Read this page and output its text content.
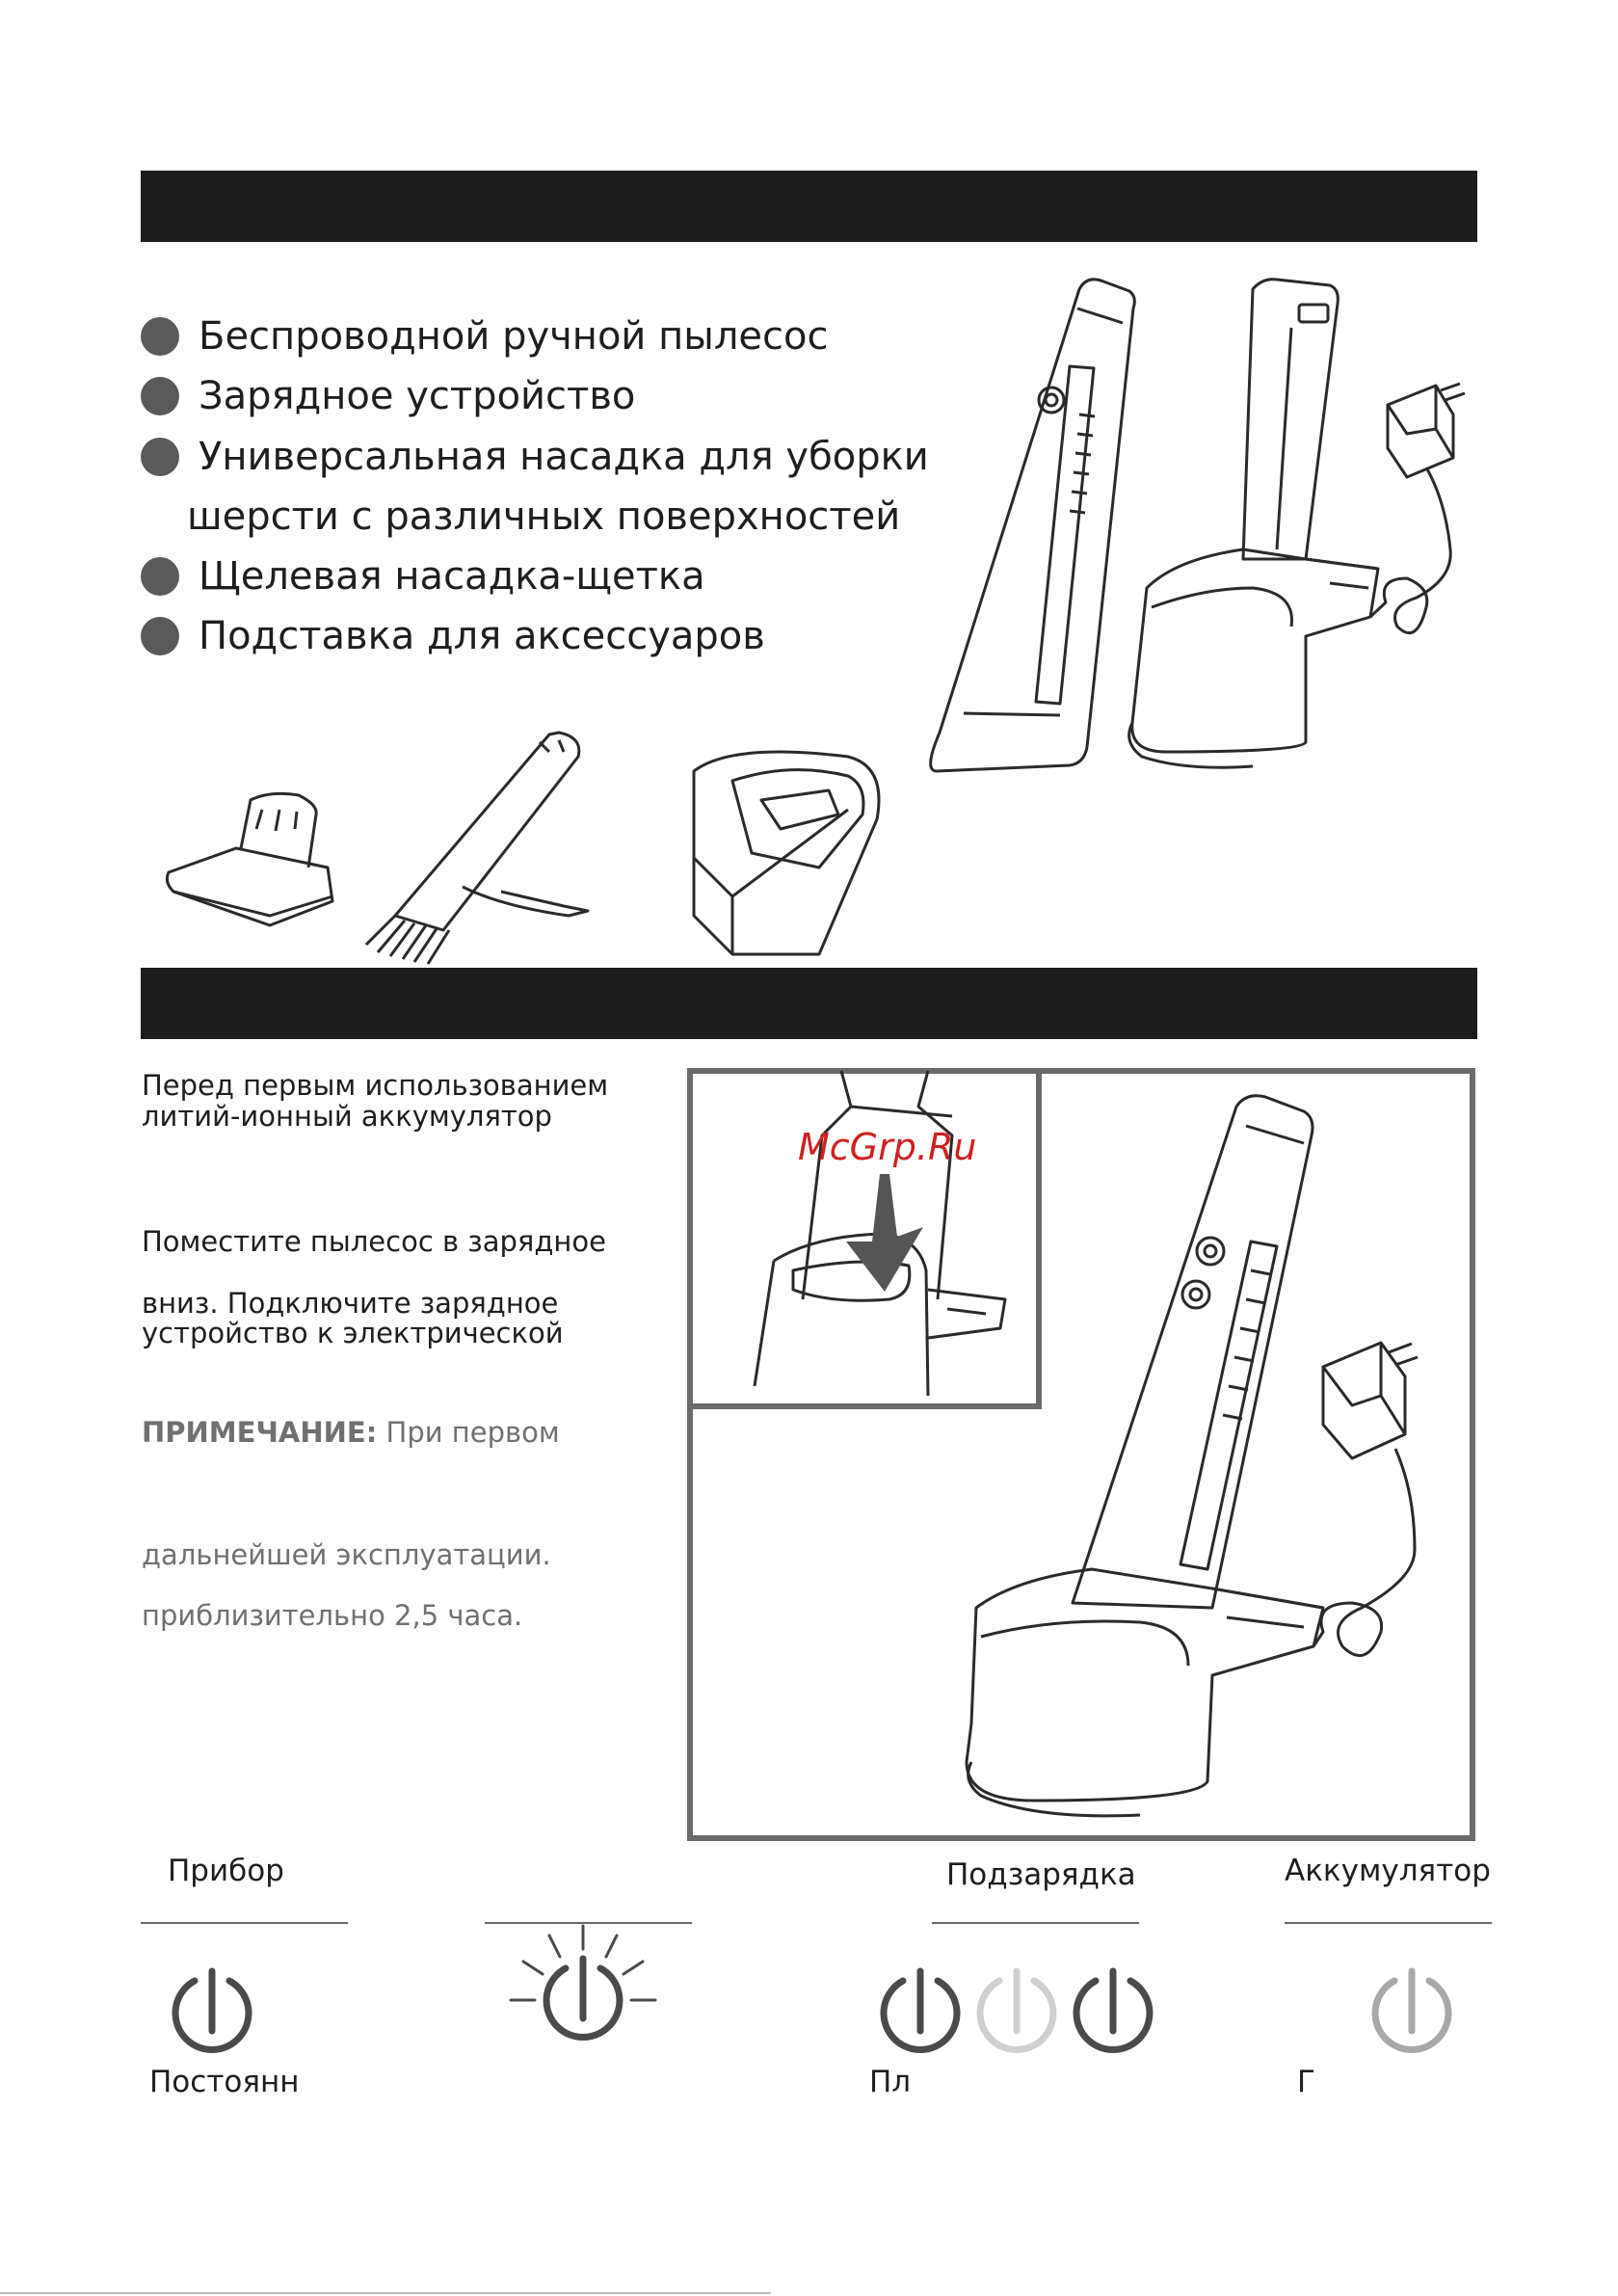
Беспроводной ручной пылесос
Зарядное устройство
Универсальная насадка для уборки
шерсти с различных поверхностей
Щелевая насадка-щетка
Подставка для аксессуаров
Перед первым использованием
литий-ионный аккумулятор
Поместите пылесос в зарядное
вниз. Подключите зарядное
устройство к электрической
ПРИМЕЧАНИЕ: При первом
дальнейшей эксплуатации.
приблизительно 2,5 часа.
McGrp.Ru
Прибор	Подзарядка	Аккумулятор
Постоянн	Пл	Г
